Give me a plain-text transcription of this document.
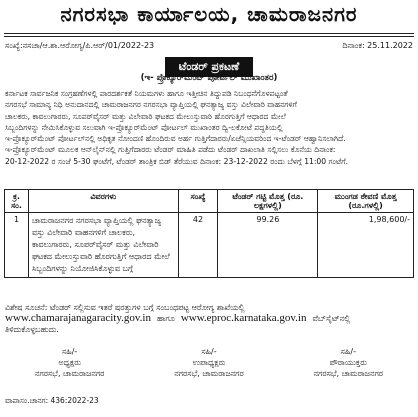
ನಗರಸಭಾ ಕಾರ್ಯಾಲಯ, ಚಾಮರಾಜನಗರ
ಸಂಖ್ಯೆ:ನಸಚಾ/ಆ.ಶಾ.ಆರೋಗ್ಯ/ಪಿ.ಆರ್/01/2022-23	ದಿನಾಂಕ: 25.11.2022
ಟೆಂಡರ್ ಪ್ರಕಟಣೆ
(ಇ- ಪ್ರೊಕ್ಯೂರ್‌ಮೆಂಟ್ ಪೋರ್ಟಲ್ ಮುಖಾಂತರ)
ಕರ್ನಾಟಕ ಸಾರ್ವಜನಿಕ ಸಂಗ್ರಹಣೆಗಳಲ್ಲಿ ಪಾರದರ್ಶಕತೆ ನಿಯಮಗಳು ಹಾಗೂ ಇತ್ತೀಚಿನ ತಿದ್ದುಪಡಿ ನಿಬಂಧನೆಗೊಳಪಟ್ಟಂತೆ
ನಗರಸಭೆ ಸಾಮಾನ್ಯ ನಿಧಿ ಅನುದಾನದಲ್ಲಿ ಚಾಮರಾಜನಗರ ನಗರಸಭಾ ವ್ಯಾಪ್ತಿಯಲ್ಲಿ ಘನತ್ಯಾಜ್ಯ ವಸ್ತು ವಿಲೇವಾರಿ ವಾಹನಗಳಿಗೆ
ಚಾಲಕರು, ಕಾವಲುಗಾರರು, ಸೂಪರ್‌ವೈಸರ್ ಮತ್ತು ವಿಲೇವಾರಿ ಘಟಕದ ಮೇಲುಸ್ತುವಾರಿ ಹೊರಗುತ್ತಿಗೆ ಆಧಾರದ ಮೇಲೆ
ಸಿಬ್ಬಂದಿಗಳನ್ನು ನೇಮಿಸಿಕೊಳ್ಳುವ ಸಲುವಾಗಿ ಇ-ಪ್ರೊಕ್ಯೂರ್‌ಮೆಂಟ್ ಪೋರ್ಟಲ್ ಮುಖಾಂತರ ದ್ವಿ-ಲಕೋಟೆ ಪದ್ಧತಿಯಲ್ಲಿ
ಇ-ಪ್ರೊಕ್ಯೂರ್‌ಮೆಂಟ್ ಪೋರ್ಟಲ್‌ನಲ್ಲಿ ಅಧಿಕೃತ ನೋಂದಣಿ ಹೊಂದಿರುವ ಅರ್ಹ ಗುತ್ತಿಗೆದಾರರು/ಏಜೆನ್ಸಿಯವರಿಂದ ಇ-ಟೆಂಡರ್ ಆಹ್ವಾನಿಸಲಾಗಿದೆ.
ಇ-ಪ್ರೊಕ್ಯೂರ್‌ಮೆಂಟ್ ಮೂಲಕ ಆನ್‌ಲೈನ್‌ನಲ್ಲಿ ಗುತ್ತಿಗೆದಾರರು ಟೆಂಡರ್ ಮಾಹಿತಿ ಪಡೆದು ಟೆಂಡರ್ ದಾಖಲಾತಿ ಸಲ್ಲಿಸಲು ಕೊನೆಯ ದಿನಾಂಕ:
20-12-2022 ರ ಸಂಜೆ 5-30 ಘಂಟೆಗೆ, ಟೆಂಡರ್ ತಾಂತ್ರಿಕ ಬಿಡ್ ತೆರೆಯುವ ದಿನಾಂಕ: 23-12-2022 ರಂದು ಬೆಳಗ್ಗೆ 11:00 ಗಂಟೆಗೆ.
ಕ್ರ. ಸಂ.	ವಿವರಗಳು	ಸಂಖ್ಯೆ	ಟೆಂಡರ್ ಗಟ್ಟಿ ಮೊತ್ತ (ರೂ. ಲಕ್ಷಗಳಲ್ಲಿ)	ಮುಂಗಡ ಠೇವಣಿ ಮೊತ್ತ (ರೂ.ಗಳಲ್ಲಿ)
1	ಚಾಮರಾಜನಗರ ನಗರಸಭಾ ವ್ಯಾಪ್ತಿಯಲ್ಲಿ ಘನತ್ಯಾಜ್ಯ ವಸ್ತು ವಿಲೇವಾರಿ ವಾಹನಗಳಿಗೆ ಚಾಲಕರು, ಕಾವಲುಗಾರರು, ಸೂಪರ್‌ವೈಸರ್ ಮತ್ತು ವಿಲೇವಾರಿ ಘಟಕದ ಮೇಲುಸ್ತುವಾರಿ ಹೊರಗುತ್ತಿಗೆ ಆಧಾರದ ಮೇಲೆ ಸಿಬ್ಬಂದಿಗಳನ್ನು ನಿಯೋಜಿಸಿಕೊಳ್ಳುವ ಬಗ್ಗೆ	42	99.26	1,98,600/-
ವಿಶೇಷ ಸೂಚನೆ: ಟೆಂಡರ್ ಸಲ್ಲಿಸುವ ಇತರೆ ಷರತ್ತುಗಳ ಬಗ್ಗೆ ಸಂಬಂಧಪಟ್ಟ ಆರೋಗ್ಯ ಶಾಖೆಯಲ್ಲಿ
www.chamarajanagaracity.gov.in ಹಾಗೂ www.eproc.karnataka.gov.in ವೆಬ್‌ಸೈಟ್‌ನಲ್ಲಿ
ತಿಳಿದುಕೊಳ್ಳಬಹುದು.
ಸಹಿ/-
ಅಧ್ಯಕ್ಷರು
ನಗರಸಭೆ, ಚಾಮರಾಜನಗರ
ಸಹಿ/-
ಉಪಾಧ್ಯಕ್ಷರು
ನಗರಸಭೆ, ಚಾಮರಾಜನಗರ
ಸಹಿ/-
ಪೌರಾಯುಕ್ತರು
ನಗರಸಭೆ, ಚಾಮರಾಜನಗರ
ವಾಪಾಸಂ.ಚಾನಗ: 436:2022-23
